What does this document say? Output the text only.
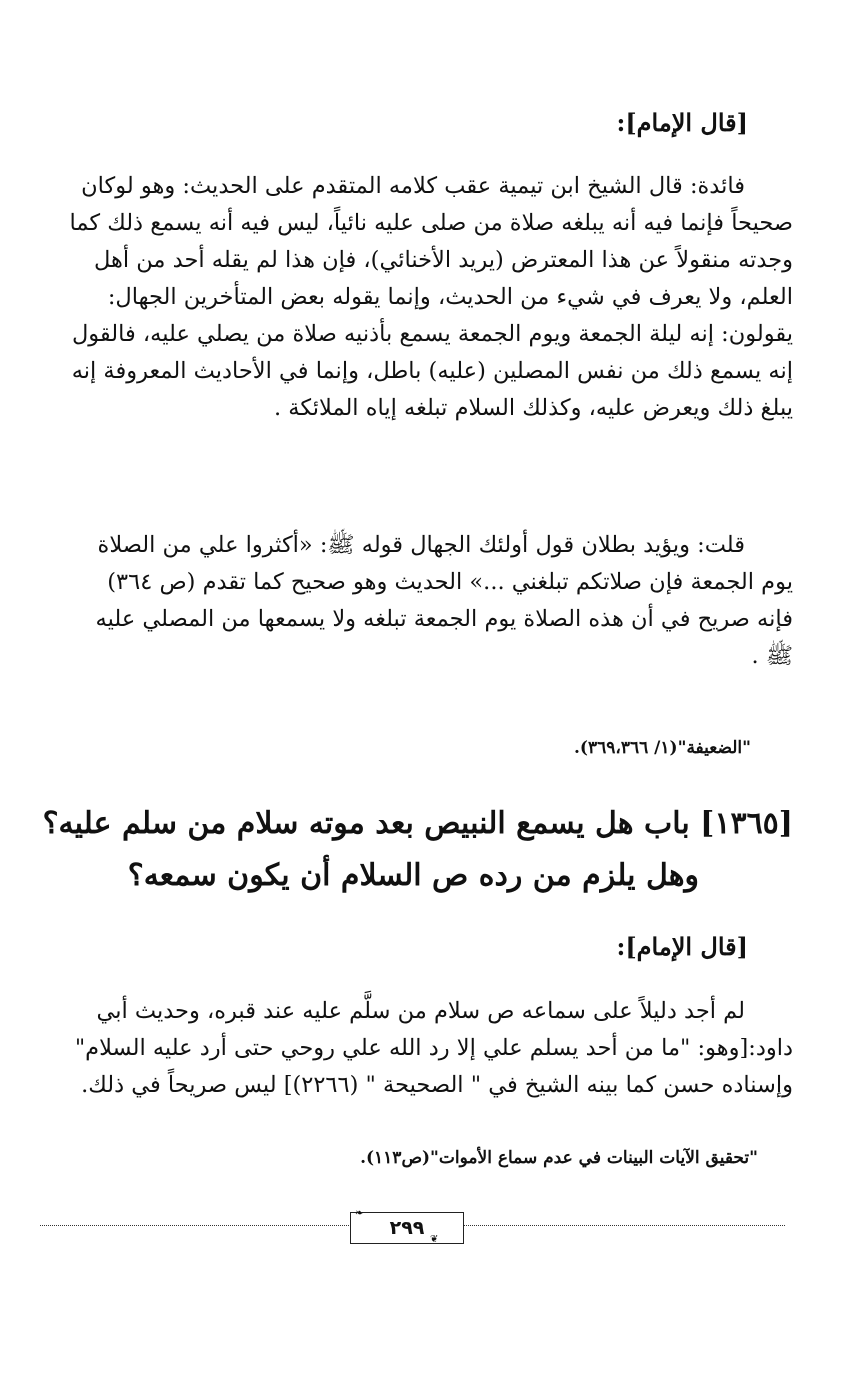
[قال الإمام]:
فائدة: قال الشيخ ابن تيمية عقب كلامه المتقدم على الحديث: وهو لوكان
صحيحاً فإنما فيه أنه يبلغه صلاة من صلى عليه نائياً، ليس فيه أنه يسمع ذلك كما
وجدته منقولاً عن هذا المعترض (يريد الأخنائي)، فإن هذا لم يقله أحد من أهل
العلم، ولا يعرف في شيء من الحديث، وإنما يقوله بعض المتأخرين الجهال:
يقولون: إنه ليلة الجمعة ويوم الجمعة يسمع بأذنيه صلاة من يصلي عليه، فالقول
إنه يسمع ذلك من نفس المصلين (عليه) باطل، وإنما في الأحاديث المعروفة إنه
يبلغ ذلك ويعرض عليه، وكذلك السلام تبلغه إياه الملائكة .
قلت: ويؤيد بطلان قول أولئك الجهال قوله ﷺ: «أكثروا علي من الصلاة
يوم الجمعة فإن صلاتكم تبلغني ...» الحديث وهو صحيح كما تقدم (ص ٣٦٤)
فإنه صريح في أن هذه الصلاة يوم الجمعة تبلغه ولا يسمعها من المصلي عليه
ﷺ .
"الضعيفة"(١/ ٣٦٩،٣٦٦).
[١٣٦٥] باب هل يسمع النبيص بعد موته سلام من سلم عليه؟
وهل يلزم من رده ص السلام أن يكون سمعه؟
[قال الإمام]:
لم أجد دليلاً على سماعه ص سلام من سلَّم عليه عند قبره، وحديث أبي
داود:[وهو: "ما من أحد يسلم علي إلا رد الله علي روحي حتى أرد عليه السلام"
وإسناده حسن كما بينه الشيخ في " الصحيحة " (٢٢٦٦)] ليس صريحاً في ذلك.
"تحقيق الآيات البينات في عدم سماع الأموات"(ص١١٣).
٢٩٩
❧
❦
